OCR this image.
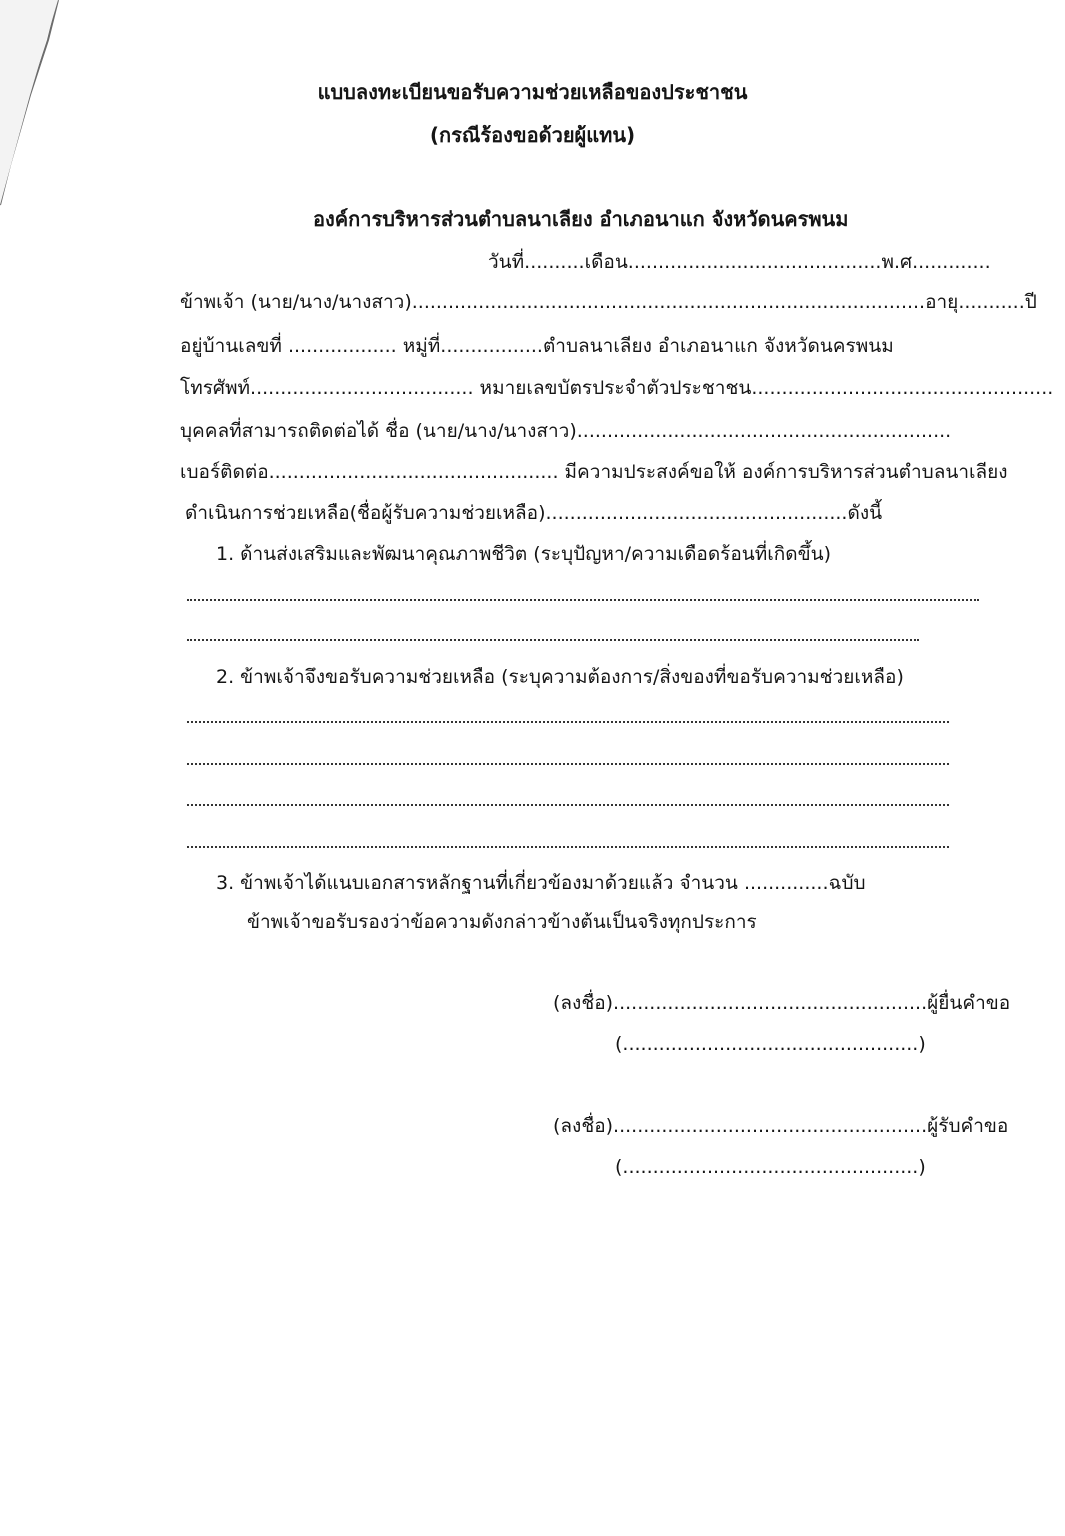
แบบลงทะเบียนขอรับความช่วยเหลือของประชาชน
(กรณีร้องขอด้วยผู้แทน)
องค์การบริหารส่วนตำบลนาเลียง อำเภอนาแก จังหวัดนครพนม
วันที่..........เดือน..........................................พ.ศ.............
ข้าพเจ้า (นาย/นาง/นางสาว).....................................................................................อายุ...........ปี
อยู่บ้านเลขที่ .................. หมู่ที่.................ตำบลนาเลียง อำเภอนาแก จังหวัดนครพนม
โทรศัพท์..................................... หมายเลขบัตรประจำตัวประชาชน..................................................
บุคคลที่สามารถติดต่อได้ ชื่อ (นาย/นาง/นางสาว)..............................................................
เบอร์ติดต่อ................................................ มีความประสงค์ขอให้ องค์การบริหารส่วนตำบลนาเลียง
ดำเนินการช่วยเหลือ(ชื่อผู้รับความช่วยเหลือ)..................................................ดังนี้
1. ด้านส่งเสริมและพัฒนาคุณภาพชีวิต (ระบุปัญหา/ความเดือดร้อนที่เกิดขึ้น)
2. ข้าพเจ้าจึงขอรับความช่วยเหลือ (ระบุความต้องการ/สิ่งของที่ขอรับความช่วยเหลือ)
3. ข้าพเจ้าได้แนบเอกสารหลักฐานที่เกี่ยวข้องมาด้วยแล้ว จำนวน ..............ฉบับ
ข้าพเจ้าขอรับรองว่าข้อความดังกล่าวข้างต้นเป็นจริงทุกประการ
(ลงชื่อ)....................................................ผู้ยื่นคำขอ
(.................................................)
(ลงชื่อ)....................................................ผู้รับคำขอ
(.................................................)
